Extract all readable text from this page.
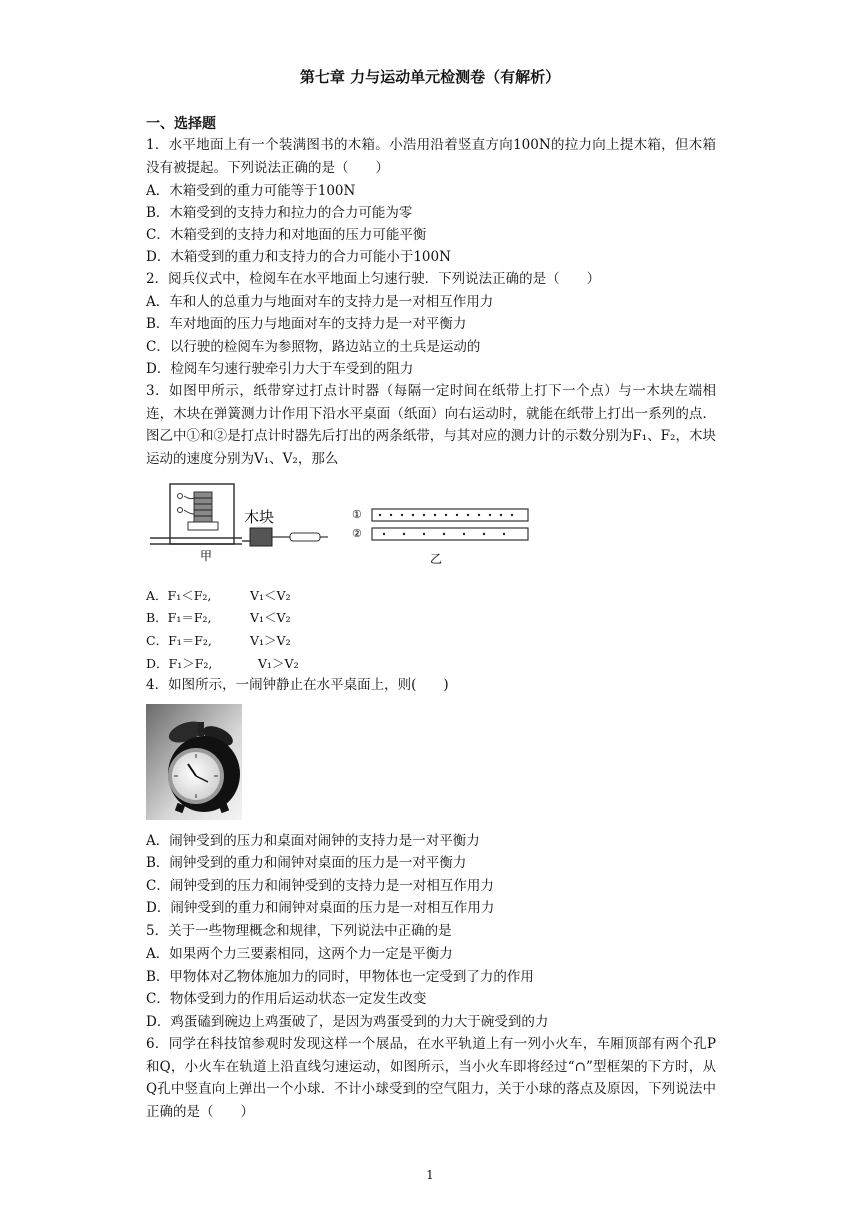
第七章 力与运动单元检测卷（有解析）
一、选择题
1．水平地面上有一个装满图书的木箱。小浩用沿着竖直方向100N的拉力向上提木箱，但木箱没有被提起。下列说法正确的是（　　）
A．木箱受到的重力可能等于100N
B．木箱受到的支持力和拉力的合力可能为零
C．木箱受到的支持力和对地面的压力可能平衡
D．木箱受到的重力和支持力的合力可能小于100N
2．阅兵仪式中，检阅车在水平地面上匀速行驶．下列说法正确的是（　　）
A．车和人的总重力与地面对车的支持力是一对相互作用力
B．车对地面的压力与地面对车的支持力是一对平衡力
C．以行驶的检阅车为参照物，路边站立的土兵是运动的
D．检阅车匀速行驶牵引力大于车受到的阻力
3．如图甲所示，纸带穿过打点计时器（每隔一定时间在纸带上打下一个点）与一木块左端相连，木块在弹簧测力计作用下沿水平桌面（纸面）向右运动时，就能在纸带上打出一系列的点．图乙中①和②是打点计时器先后打出的两条纸带，与其对应的测力计的示数分别为F₁、F₂，木块运动的速度分别为V₁、V₂，那么
木块
甲
①
②
乙
A．F₁＜F₂,	V₁＜V₂
B．F₁＝F₂,	V₁＜V₂
C．F₁＝F₂,	V₁＞V₂
D．F₁＞F₂,	V₁＞V₂
4．如图所示，一闹钟静止在水平桌面上，则(　　)
A．闹钟受到的压力和桌面对闹钟的支持力是一对平衡力
B．闹钟受到的重力和闹钟对桌面的压力是一对平衡力
C．闹钟受到的压力和闹钟受到的支持力是一对相互作用力
D．闹钟受到的重力和闹钟对桌面的压力是一对相互作用力
5．关于一些物理概念和规律，下列说法中正确的是
A．如果两个力三要素相同，这两个力一定是平衡力
B．甲物体对乙物体施加力的同时，甲物体也一定受到了力的作用
C．物体受到力的作用后运动状态一定发生改变
D．鸡蛋磕到碗边上鸡蛋破了，是因为鸡蛋受到的力大于碗受到的力
6．同学在科技馆参观时发现这样一个展品，在水平轨道上有一列小火车，车厢顶部有两个孔P和Q，小火车在轨道上沿直线匀速运动，如图所示，当小火车即将经过“∩”型框架的下方时，从Q孔中竖直向上弹出一个小球．不计小球受到的空气阻力，关于小球的落点及原因，下列说法中正确的是（　　）
1
